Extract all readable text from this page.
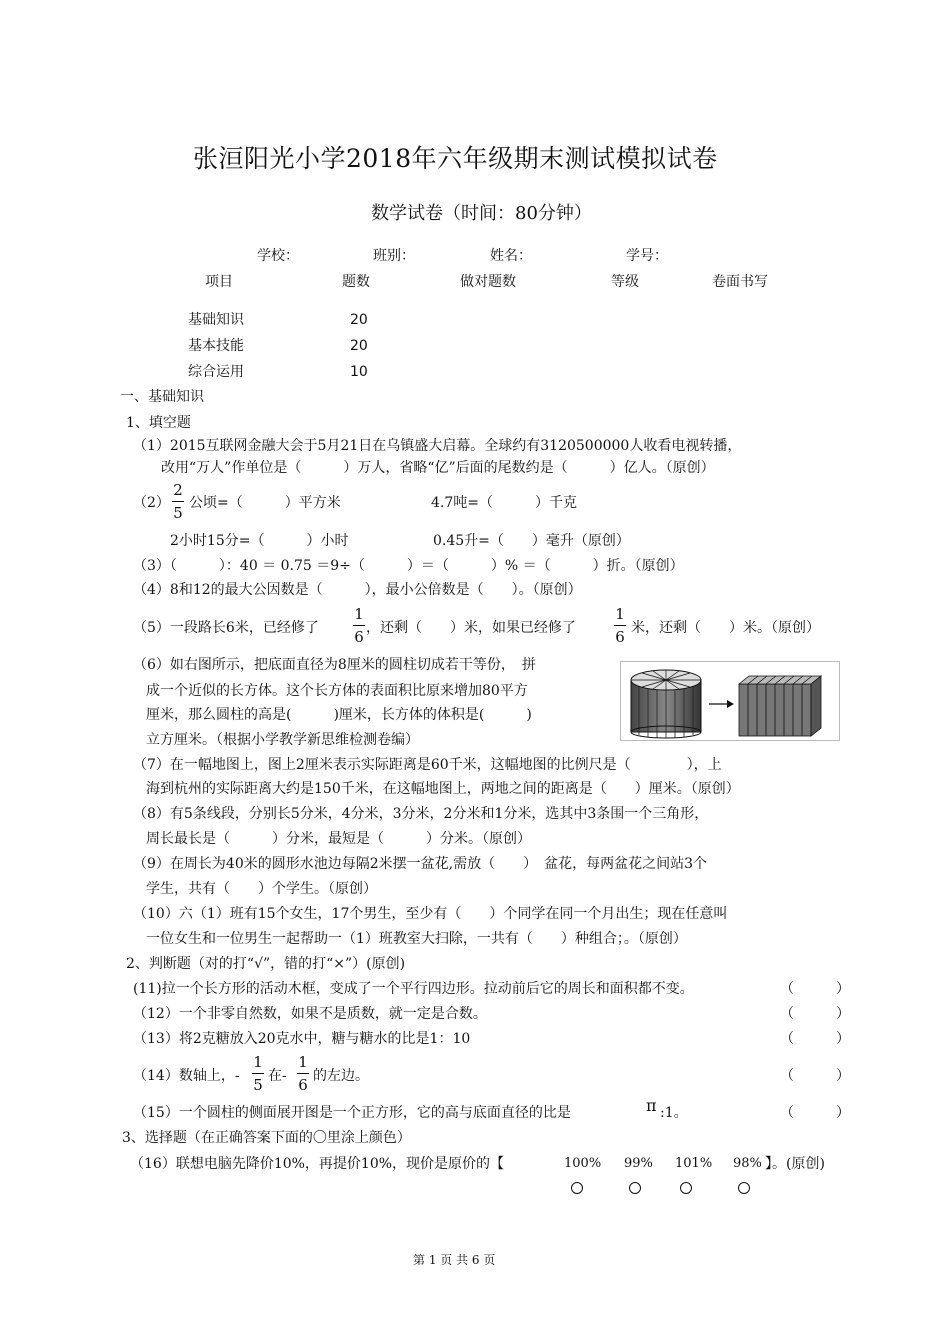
张洹阳光小学2018年六年级期末测试模拟试卷
数学试卷（时间：80分钟）
学校：	班别：	姓名：	学号：
项目	题数	做对题数	等级	卷面书写
基础知识	20
基本技能	20
综合运用	10
一、基础知识
1、填空题
（1）2015互联网金融大会于5月21日在乌镇盛大启幕。全球约有3120500000人收看电视转播，
改用“万人”作单位是（　　　）万人，省略“亿”后面的尾数约是（　　　）亿人。（原创）
（2）
2
5
公顷=（　　　）平方米	4.7吨=（　　　）千克
2小时15分=（　　　）小时	0.45升=（　　）毫升（原创）
（3）（　　　）：40 ＝ 0.75 ＝9÷（　　　）＝（　　　）% ＝（　　　）折。（原创）
（4）8和12的最大公因数是（　　　），最小公倍数是（　　）。（原创）
（5）一段路长6米，已经修了
1
6 ，还剩（　　）米，如果已经修了
1
6 米，还剩（　　）米。（原创）
（6）如右图所示，把底面直径为8厘米的圆柱切成若干等份，　拼
成一个近似的长方体。这个长方体的表面积比原来增加80平方
厘米，那么圆柱的高是(　　　)厘米，长方体的体积是(　　　)
立方厘米。（根据小学教学新思维检测卷编）
（7）在一幅地图上，图上2厘米表示实际距离是60千米，这幅地图的比例尺是（　　　　），上
海到杭州的实际距离大约是150千米，在这幅地图上，两地之间的距离是（　　）厘米。（原创）
（8）有5条线段，分别长5分米，4分米，3分米，2分米和1分米，选其中3条围一个三角形，
周长最长是（　　　）分米，最短是（　　　）分米。（原创）
（9）在周长为40米的圆形水池边每隔2米摆一盆花,需放（　　）　盆花，每两盆花之间站3个
学生，共有（　　）个学生。（原创）
（10）六（1）班有15个女生，17个男生，至少有（　　）个同学在同一个月出生；现在任意叫
一位女生和一位男生一起帮助一（1）班教室大扫除，一共有（　　）种组合；。（原创）
2、判断题（对的打“√”，错的打“×”）(原创)
(11)拉一个长方形的活动木框，变成了一个平行四边形。拉动前后它的周长和面积都不变。	（　　　）
（12）一个非零自然数，如果不是质数，就一定是合数。	（　　　）
（13）将2克糖放入20克水中，糖与糖水的比是1：10	（　　　）
（14）数轴上，-
1
5 在-
1
6 的左边。	（　　　）
（15）一个圆柱的侧面展开图是一个正方形，它的高与底面直径的比是	π :1。	（　　　）
3、选择题（在正确答案下面的〇里涂上颜色）
（16）联想电脑先降价10%，再提价10%，现价是原价的【	100% 99% 101% 98% 】。(原创)
第 1 页 共 6 页
